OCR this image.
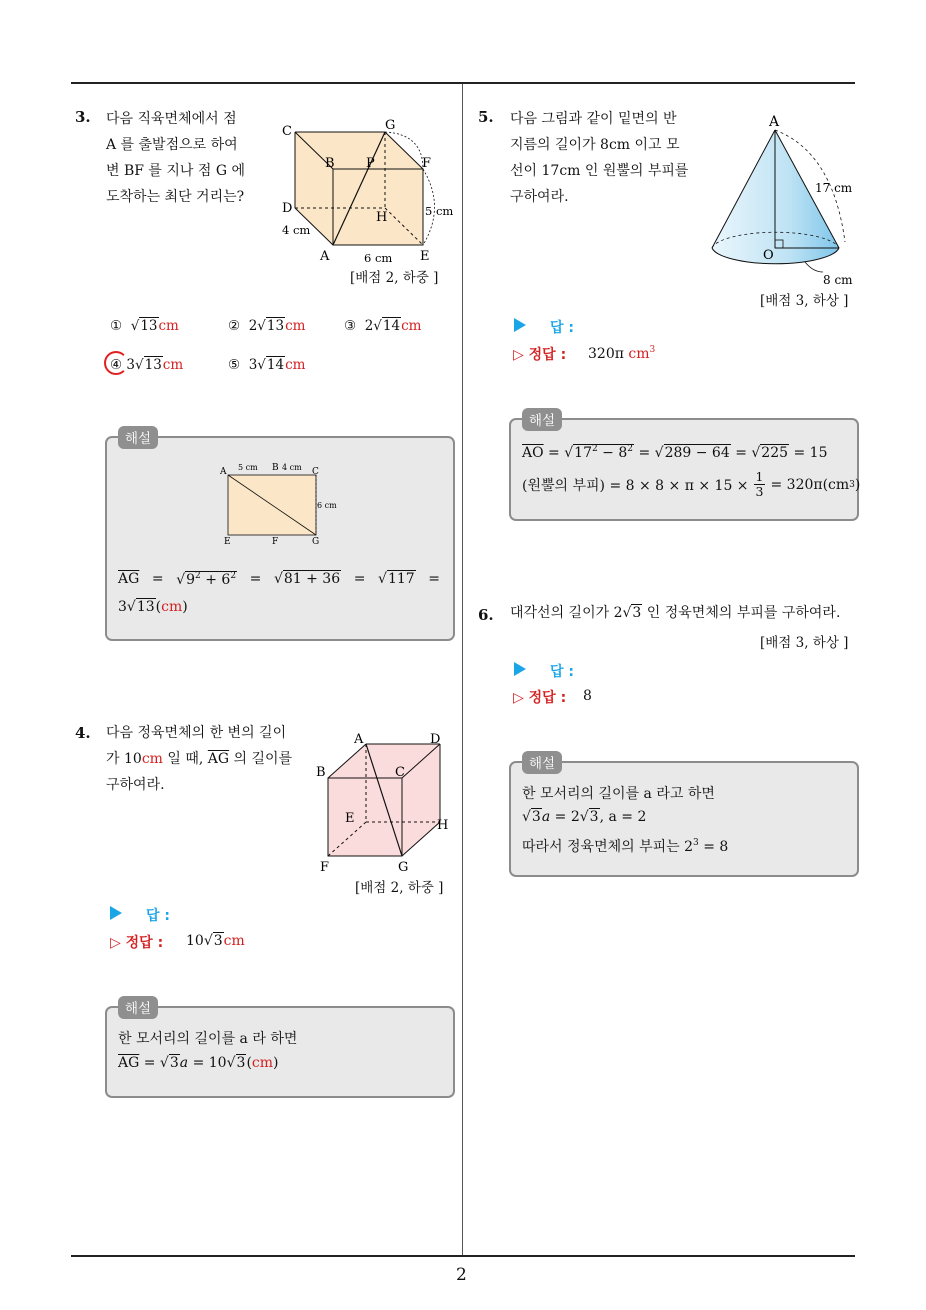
2
3. 다음 직육면체에서 점
A 를 출발점으로 하여
변 BF 를 지나 점 G 에
도착하는 최단 거리는?
C	G
B P	F
D
H	5 cm
4 cm
A	6 cm E
[배점 2, 하중 ]
① √13cm	② 2√13cm	③ 2√14cm
④ 3√13cm	⑤ 3√14cm
해설
A 5 cm B 4 cm C
6 cm
E	F	G
$\overline{AG} = √9^2 + 6^2 = √81 + 36 = √117$ =
3√13(cm)
4. 다음 정육면체의 한 변의 길이
가 10cm 일 때, $\overline{AG}$ 의 길이를
구하여라.
A	D
B	C
E	H
F	G
[배점 2, 하중 ]
답 :
▷ 정답 : 10√3cm
해설
한 모서리의 길이를 a 라 하면
$\overline{AG} = √3a = 10√3(cm)$
5. 다음 그림과 같이 밑면의 반
지름의 길이가 8cm 이고 모
선이 17cm 인 원뿔의 부피를
구하여라.
A
17 cm
O
8 cm
[배점 3, 하상 ]
답 :
▷ 정답 : 320π $cm^3$
해설
$\overline{AO} = √17^2 - 8^2 = √289 - 64 = √225 = 15$
(원뿔의 부피) = $8 \times 8 \times \pi \times 15 \times \frac{1}{3} = 320\pi(cm$ 3 )
6. 대각선의 길이가 2√3 인 정육면체의 부피를 구하여라.
[배점 3, 하상 ]
답 :
▷ 정답 : 8
해설
한 모서리의 길이를 a 라고 하면
√3a = 2√3, a = 2
따라서 정육면체의 부피는 $2^3 = 8$
